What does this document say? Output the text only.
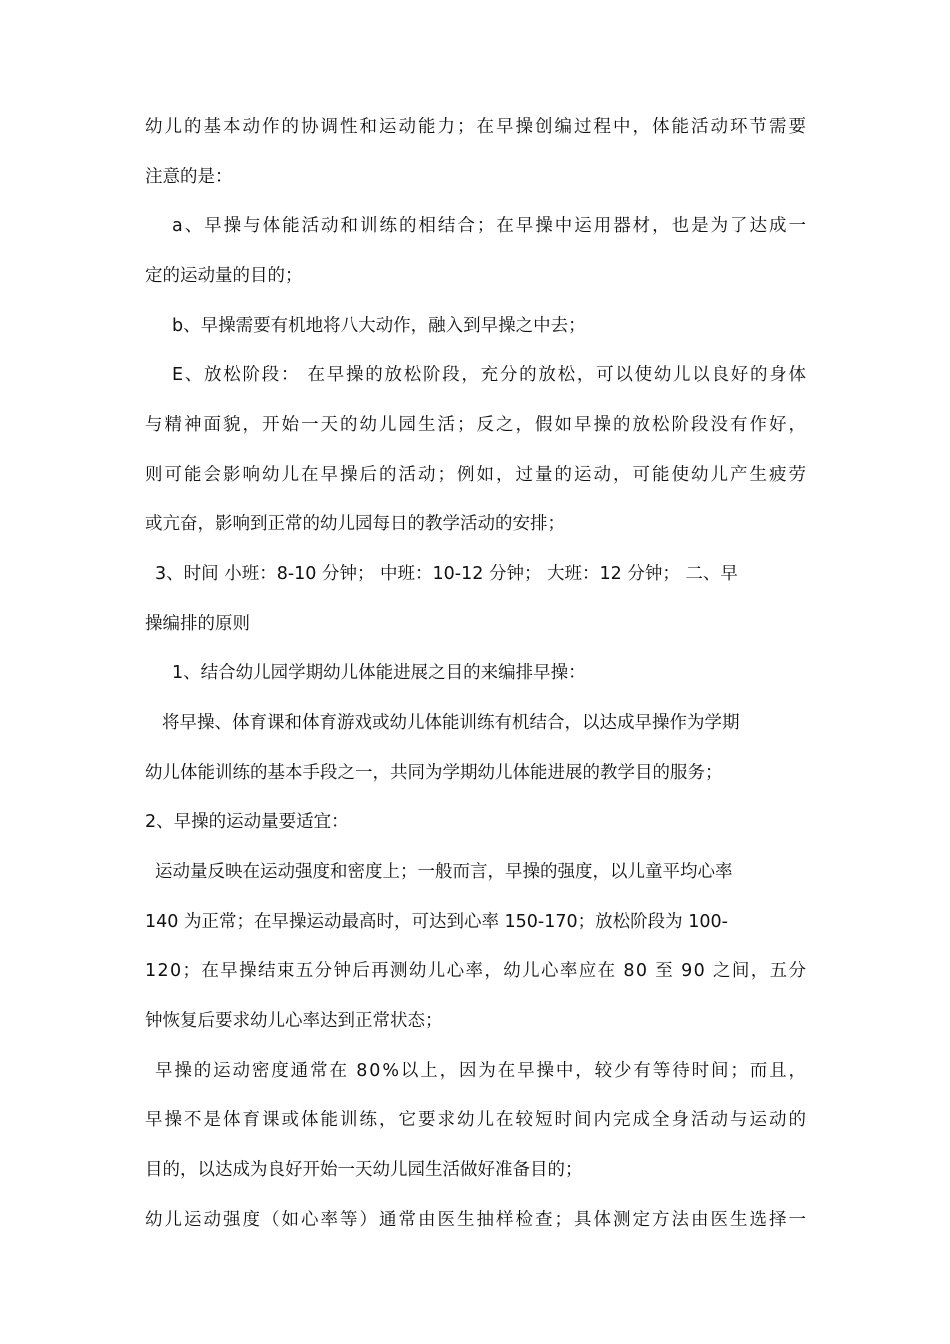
幼儿的基本动作的协调性和运动能力；在早操创编过程中，体能活动环节需要
注意的是：
a、早操与体能活动和训练的相结合；在早操中运用器材，也是为了达成一
定的运动量的目的；
b、早操需要有机地将八大动作，融入到早操之中去；
E、放松阶段： 在早操的放松阶段，充分的放松，可以使幼儿以良好的身体
与精神面貌，开始一天的幼儿园生活；反之，假如早操的放松阶段没有作好，
则可能会影响幼儿在早操后的活动；例如，过量的运动，可能使幼儿产生疲劳
或亢奋，影响到正常的幼儿园每日的教学活动的安排；
3、时间 小班：8-10 分钟； 中班：10-12 分钟； 大班：12 分钟； 二、早
操编排的原则
1、结合幼儿园学期幼儿体能进展之目的来编排早操：
将早操、体育课和体育游戏或幼儿体能训练有机结合，以达成早操作为学期
幼儿体能训练的基本手段之一，共同为学期幼儿体能进展的教学目的服务；
2、早操的运动量要适宜：
运动量反映在运动强度和密度上；一般而言，早操的强度，以儿童平均心率
140 为正常；在早操运动最高时，可达到心率 150-170；放松阶段为 100-
120；在早操结束五分钟后再测幼儿心率，幼儿心率应在 80 至 90 之间，五分
钟恢复后要求幼儿心率达到正常状态；
早操的运动密度通常在 80%以上，因为在早操中，较少有等待时间；而且，
早操不是体育课或体能训练，它要求幼儿在较短时间内完成全身活动与运动的
目的，以达成为良好开始一天幼儿园生活做好准备目的；
幼儿运动强度（如心率等）通常由医生抽样检查；具体测定方法由医生选择一
